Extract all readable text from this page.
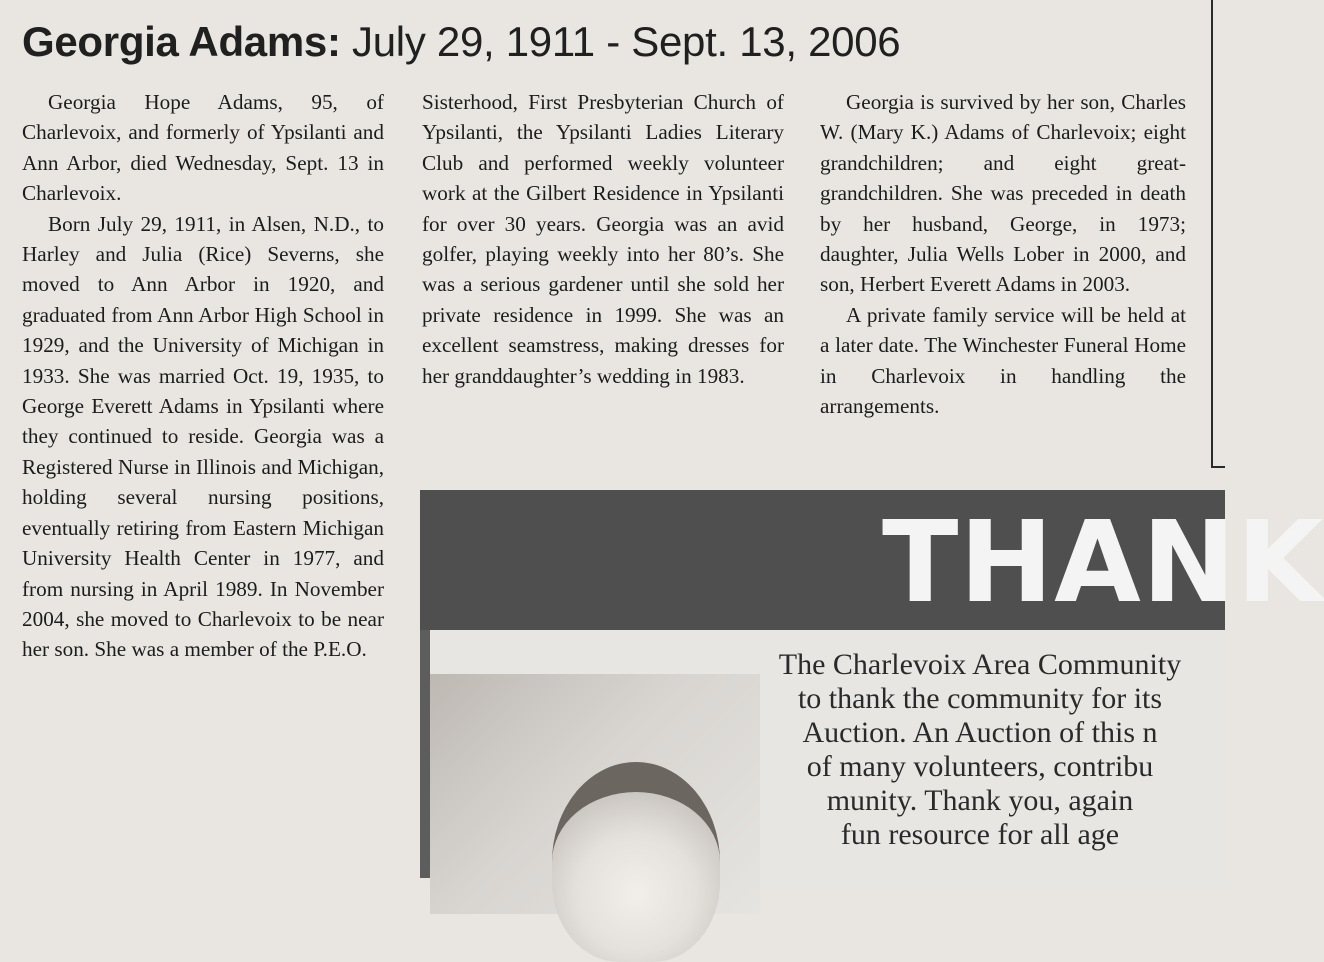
Georgia Adams: July 29, 1911 - Sept. 13, 2006

Georgia Hope Adams, 95, of Charlevoix, and formerly of Ypsilanti and Ann Arbor, died Wednesday, Sept. 13 in Charlevoix.

Born July 29, 1911, in Alsen, N.D., to Harley and Julia (Rice) Severns, she moved to Ann Arbor in 1920, and graduated from Ann Arbor High School in 1929, and the University of Michigan in 1933. She was married Oct. 19, 1935, to George Everett Adams in Ypsilanti where they continued to reside. Georgia was a Registered Nurse in Illinois and Michigan, holding several nursing positions, eventually retiring from Eastern Michigan University Health Center in 1977, and from nursing in April 1989. In November 2004, she moved to Charlevoix to be near her son. She was a member of the P.E.O.

Sisterhood, First Presbyterian Church of Ypsilanti, the Ypsilanti Ladies Literary Club and performed weekly volunteer work at the Gilbert Residence in Ypsilanti for over 30 years. Georgia was an avid golfer, playing weekly into her 80’s. She was a serious gardener until she sold her private residence in 1999. She was an excellent seamstress, making dresses for her granddaughter’s wedding in 1983.

Georgia is survived by her son, Charles W. (Mary K.) Adams of Charlevoix; eight grandchildren; and eight great-grandchildren. She was preceded in death by her husband, George, in 1973; daughter, Julia Wells Lober in 2000, and son, Herbert Everett Adams in 2003.

A private family service will be held at a later date. The Winchester Funeral Home in Charlevoix in handling the arrangements.

THANK
The Charlevoix Area Community
to thank the community for its
Auction. An Auction of this n
of many volunteers, contribu
munity. Thank you, again
fun resource for all age
